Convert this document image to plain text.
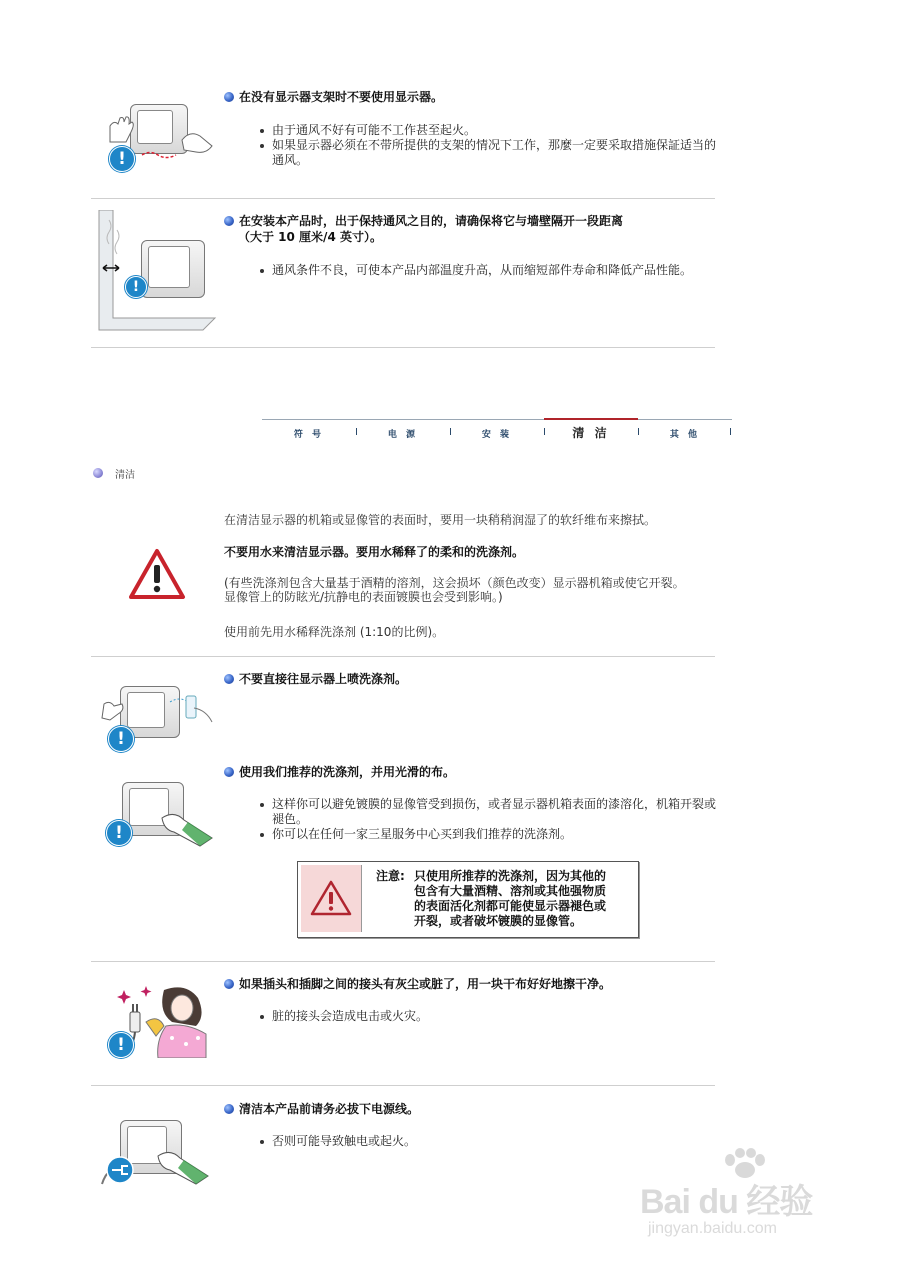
!
在没有显示器支架时不要使用显示器。
由于通风不好有可能不工作甚至起火。
如果显示器必须在不带所提供的支架的情况下工作，那麼一定要采取措施保証适当的通风。
!
在安装本产品时，出于保持通风之目的，请确保将它与墙壁隔开一段距离
（大于 10 厘米/4 英寸）。
通风条件不良，可使本产品内部温度升高，从而缩短部件寿命和降低产品性能。
符 号	电 源	安 装	清 洁	其 他
清洁
在清洁显示器的机箱或显像管的表面时，要用一块稍稍润湿了的软纤维布来擦拭。
不要用水来清洁显示器。要用水稀释了的柔和的洗涤剂。
(有些洗涤剂包含大量基于酒精的溶剂，这会损坏（颜色改变）显示器机箱或使它开裂。 显像管上的防眩光/抗静电的表面镀膜也会受到影响。)
使用前先用水稀释洗涤剂 (1:10的比例)。
!
不要直接往显示器上喷洗涤剂。
!
使用我们推荐的洗涤剂，并用光滑的布。
这样你可以避免镀膜的显像管受到损伤，或者显示器机箱表面的漆溶化，机箱开裂或褪色。
你可以在任何一家三星服务中心买到我们推荐的洗涤剂。
注意: 只使用所推荐的洗涤剂，因为其他的
包含有大量酒精、溶剂或其他强物质
的表面活化剂都可能使显示器褪色或
开裂，或者破坏镀膜的显像管。
!
如果插头和插脚之间的接头有灰尘或脏了，用一块干布好好地擦干净。
脏的接头会造成电击或火灾。
清洁本产品前请务必拔下电源线。
否则可能导致触电或起火。
Bai du 经验
jingyan.baidu.com
